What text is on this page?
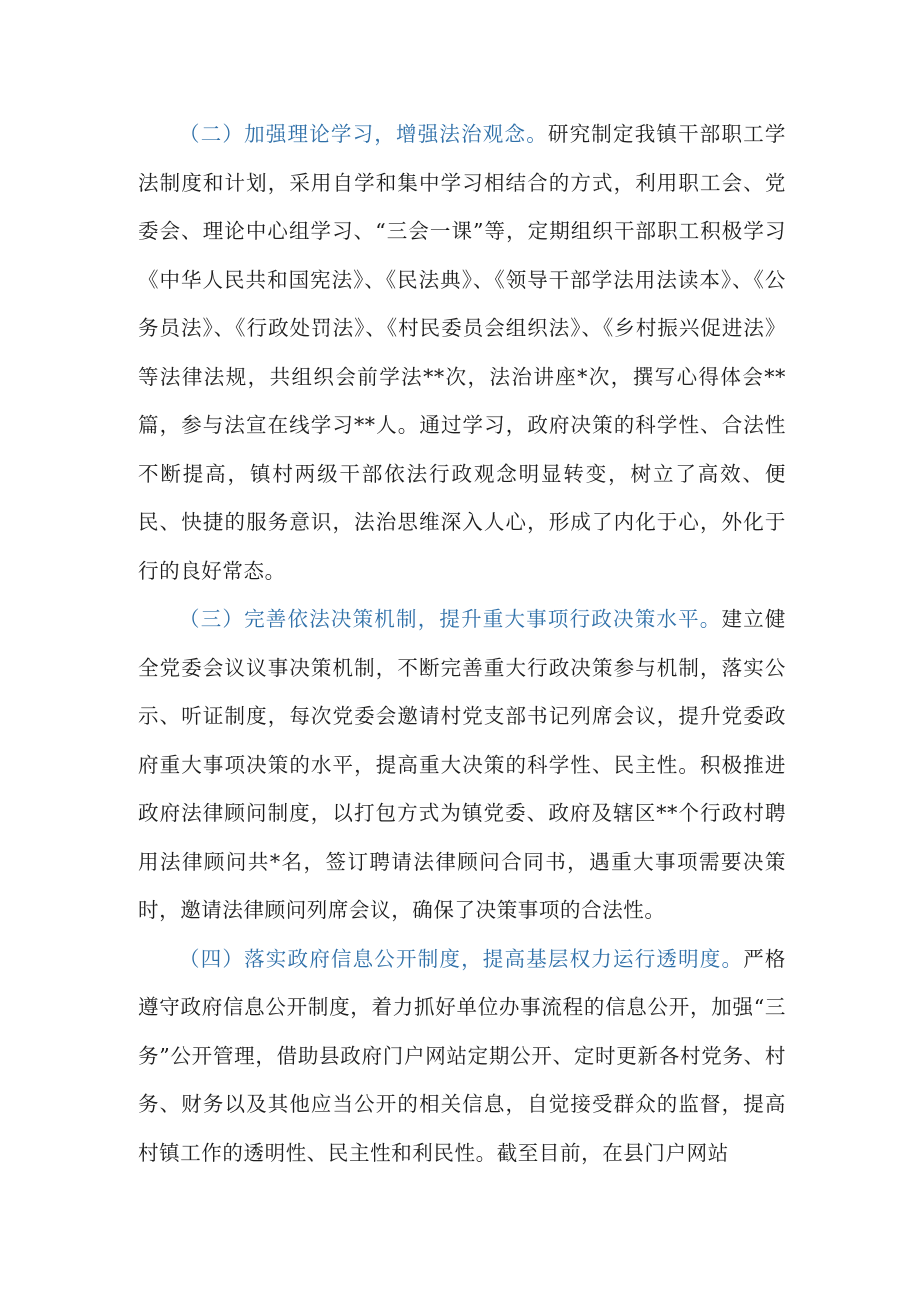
（二）加强理论学习，增强法治观念。研究制定我镇干部职工学法制度和计划，采用自学和集中学习相结合的方式，利用职工会、党委会、理论中心组学习、“三会一课”等，定期组织干部职工积极学习《中华人民共和国宪法》、《民法典》、《领导干部学法用法读本》、《公务员法》、《行政处罚法》、《村民委员会组织法》、《乡村振兴促进法》等法律法规，共组织会前学法**次，法治讲座*次，撰写心得体会**篇，参与法宣在线学习**人。通过学习，政府决策的科学性、合法性不断提高，镇村两级干部依法行政观念明显转变，树立了高效、便民、快捷的服务意识，法治思维深入人心，形成了内化于心，外化于行的良好常态。

（三）完善依法决策机制，提升重大事项行政决策水平。建立健全党委会议议事决策机制，不断完善重大行政决策参与机制，落实公示、听证制度，每次党委会邀请村党支部书记列席会议，提升党委政府重大事项决策的水平，提高重大决策的科学性、民主性。积极推进政府法律顾问制度，以打包方式为镇党委、政府及辖区**个行政村聘用法律顾问共*名，签订聘请法律顾问合同书，遇重大事项需要决策时，邀请法律顾问列席会议，确保了决策事项的合法性。

（四）落实政府信息公开制度，提高基层权力运行透明度。严格遵守政府信息公开制度，着力抓好单位办事流程的信息公开，加强“三务”公开管理，借助县政府门户网站定期公开、定时更新各村党务、村务、财务以及其他应当公开的相关信息，自觉接受群众的监督，提高村镇工作的透明性、民主性和利民性。截至目前，在县门户网站
